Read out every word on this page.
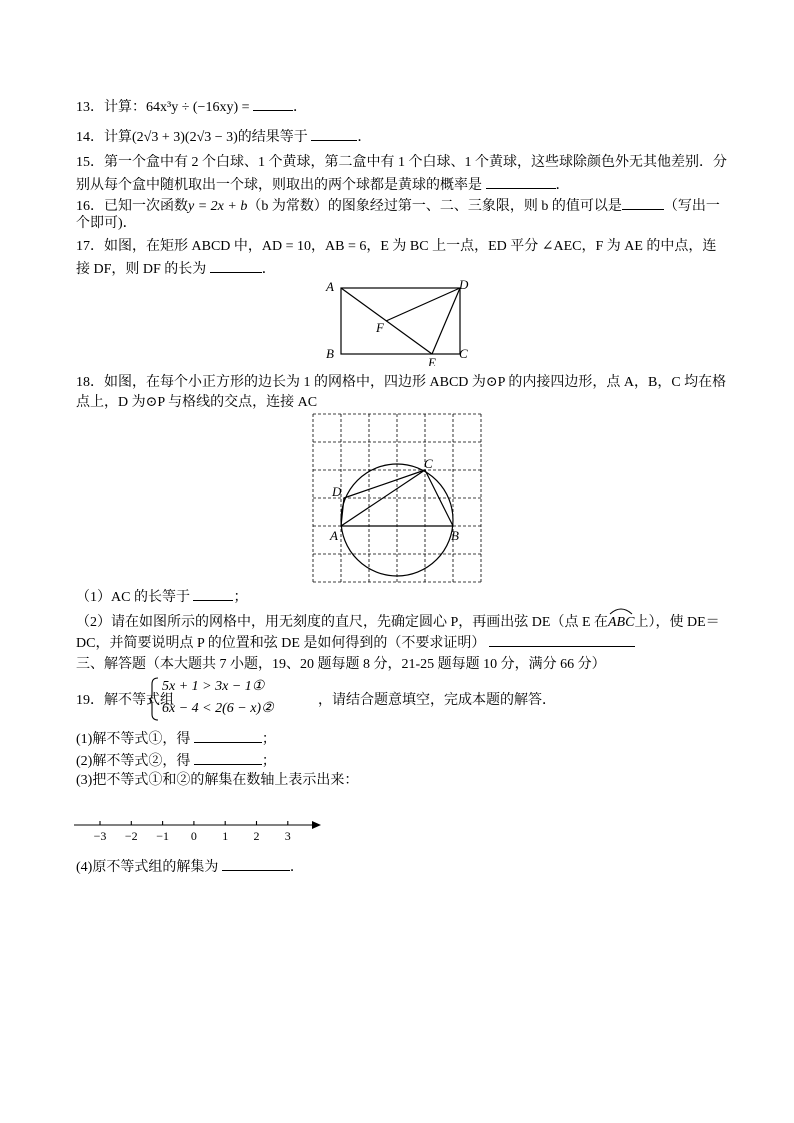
13．计算：64x³y ÷ (−16xy) =	．
14．计算(2√3 + 3)(2√3 − 3)的结果等于	．
15．第一个盒中有 2 个白球、1 个黄球，第二盒中有 1 个白球、1 个黄球，这些球除颜色外无其他差别．分
别从每个盒中随机取出一个球，则取出的两个球都是黄球的概率是	．
16．已知一次函数y = 2x + b（b 为常数）的图象经过第一、二、三象限，则 b 的值可以是	（写出一
个即可)．
17．如图，在矩形 ABCD 中，AD = 10，AB = 6，E 为 BC 上一点，ED 平分 ∠AEC，F 为 AE 的中点，连
接 DF，则 DF 的长为	．
A
B	C
D
E
F
18．如图，在每个小正方形的边长为 1 的网格中，四边形 ABCD 为⊙P 的内接四边形，点 A，B，C 均在格
点上，D 为⊙P 与格线的交点，连接 AC
A	B
C
D
（1）AC 的长等于	；
（2）请在如图所示的网格中，用无刻度的直尺，先确定圆心 P，再画出弦 DE（点 E 在
ABC上），使 DE＝
DC，并简要说明点 P 的位置和弦 DE 是如何得到的（不要求证明）
三、解答题（本大题共 7 小题，19、20 题每题 8 分，21-25 题每题 10 分，满分 66 分）
19．解不等式组
5x + 1 > 3x − 1①
6x − 4 < 2(6 − x)②
，请结合题意填空，完成本题的解答．
(1)解不等式①，得	；
(2)解不等式②，得	；
(3)把不等式①和②的解集在数轴上表示出来：
−3 −2 −1 0 1 2 3
(4)原不等式组的解集为	．
